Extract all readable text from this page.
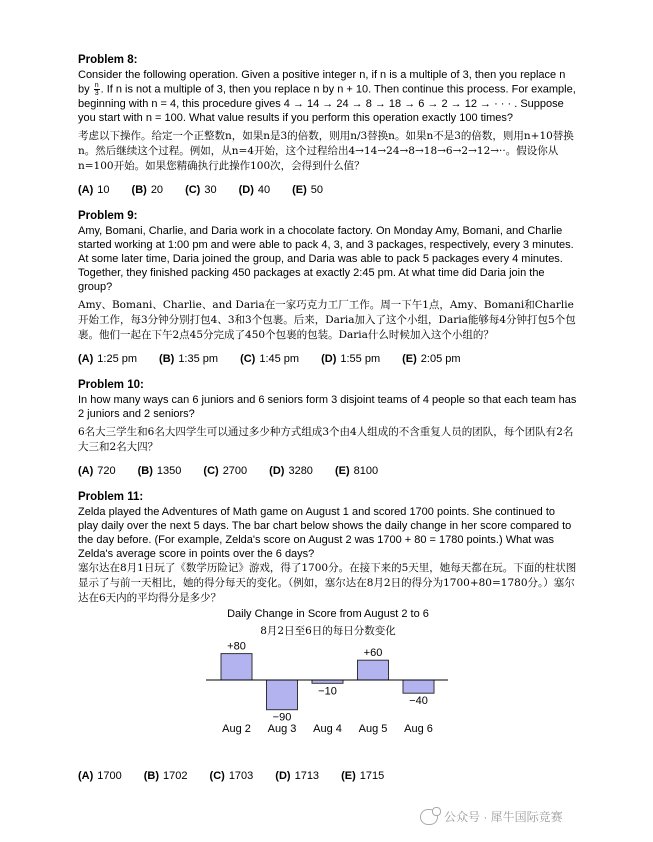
Problem 8:

Consider the following operation. Given a positive integer n, if n is a multiple of 3, then you replace n by $\frac{n}{3}$ . If n is not a multiple of 3, then you replace n by n + 10. Then continue this process. For example, beginning with n = 4, this procedure gives 4 → 14 → 24 → 8 → 18 → 6 → 2 → 12 → · · · . Suppose you start with n = 100. What value results if you perform this operation exactly 100 times?

考虑以下操作。给定一个正整数n，如果n是3的倍数，则用n/3替换n。如果n不是3的倍数，则用n+10替换n。然后继续这个过程。例如，从n=4开始，这个过程给出4→14→24→8→18→6→2→12→··。假设你从n=100开始。如果您精确执行此操作100次，会得到什么值？

(A) 10 (B) 20 (C) 30 (D) 40 (E) 50

Problem 9:

Amy, Bomani, Charlie, and Daria work in a chocolate factory. On Monday Amy, Bomani, and Charlie started working at 1:00 pm and were able to pack 4, 3, and 3 packages, respectively, every 3 minutes. At some later time, Daria joined the group, and Daria was able to pack 5 packages every 4 minutes. Together, they finished packing 450 packages at exactly 2:45 pm. At what time did Daria join the group?

Amy、Bomani、Charlie、and Daria在一家巧克力工厂工作。周一下午1点，Amy、Bomani和Charlie开始工作，每3分钟分别打包4、3和3个包裹。后来，Daria加入了这个小组，Daria能够每4分钟打包5个包裹。他们一起在下午2点45分完成了450个包裹的包装。Daria什么时候加入这个小组的？

(A) 1:25 pm (B) 1:35 pm (C) 1:45 pm (D) 1:55 pm (E) 2:05 pm

Problem 10:

In how many ways can 6 juniors and 6 seniors form 3 disjoint teams of 4 people so that each team has 2 juniors and 2 seniors?

6名大三学生和6名大四学生可以通过多少种方式组成3个由4人组成的不含重复人员的团队，每个团队有2名大三和2名大四？

(A) 720 (B) 1350 (C) 2700 (D) 3280 (E) 8100

Problem 11:

Zelda played the Adventures of Math game on August 1 and scored 1700 points. She continued to play daily over the next 5 days. The bar chart below shows the daily change in her score compared to the day before. (For example, Zelda's score on August 2 was 1700 + 80 = 1780 points.) What was Zelda's average score in points over the 6 days?

塞尔达在8月1日玩了《数学历险记》游戏，得了1700分。在接下来的5天里，她每天都在玩。下面的柱状图显示了与前一天相比，她的得分每天的变化。（例如，塞尔达在8月2日的得分为1700+80=1780分。）塞尔达在6天内的平均得分是多少？

Daily Change in Score from August 2 to 6
8月2日至6日的每日分数变化
+80
Aug 2
−90
Aug 3
−10
Aug 4
+60
Aug 5
−40
Aug 6
(A) 1700 (B) 1702 (C) 1703 (D) 1713 (E) 1715
公众号 · 犀牛国际竞赛
